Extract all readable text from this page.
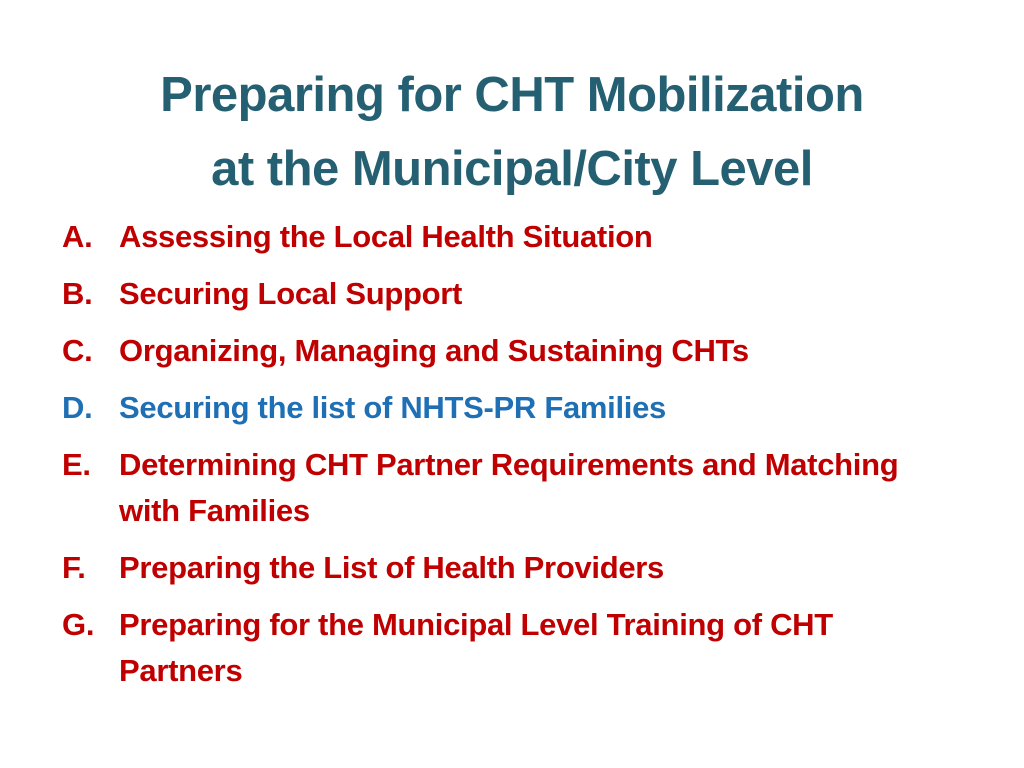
Preparing for CHT Mobilization
at the Municipal/City Level
A. Assessing the Local Health Situation
B. Securing Local Support
C. Organizing, Managing and Sustaining CHTs
D. Securing the list of NHTS-PR Families
E. Determining CHT Partner Requirements and Matching with Families
F. Preparing the List of Health Providers
G. Preparing for the Municipal Level Training of CHT Partners
